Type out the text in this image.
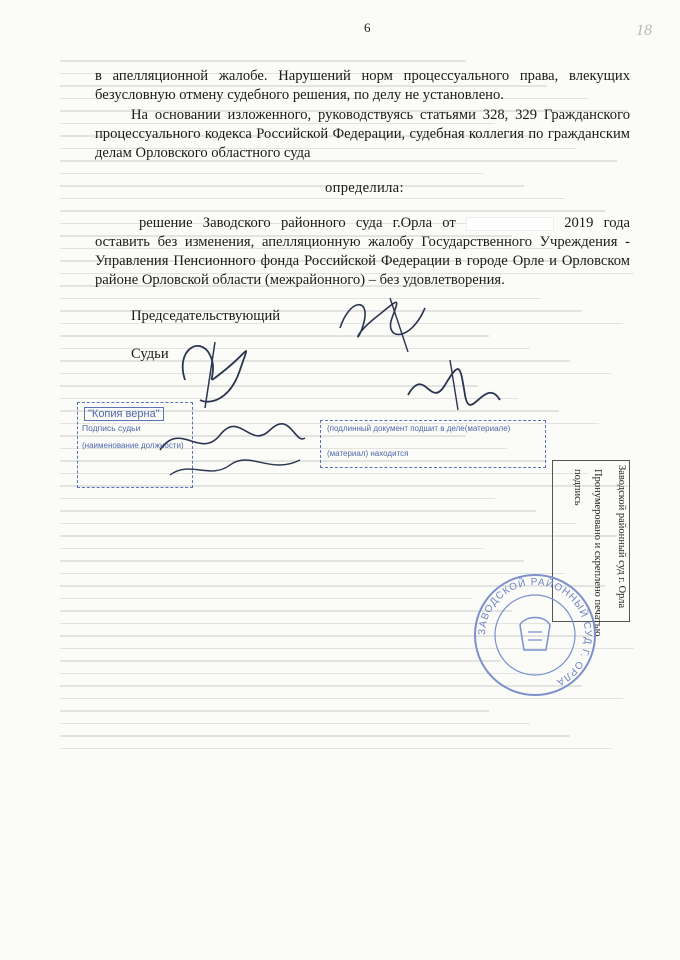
6	18
в апелляционной жалобе. Нарушений норм процессуального права, влекущих безусловную отмену судебного решения, по делу не установлено.
На основании изложенного, руководствуясь статьями 328, 329 Гражданского процессуального кодекса Российской Федерации, судебная коллегия по гражданским делам Орловского областного суда
определила:
решение Заводского районного суда г.Орла от	2019 года оставить без изменения, апелляционную жалобу Государственного Учреждения - Управления Пенсионного фонда Российской Федерации в городе Орле и Орловском районе Орловской области (межрайонного) – без удовлетворения.
Председательствующий
Судьи
"Копия верна"
Подпись судьи
(наименование должности)
(подлинный документ подшит в деле(материале)
(материал) находится
Заводской районный суд г. Орла
Пронумеровано и скреплено печатью
подпись
ЗАВОДСКОЙ РАЙОННЫЙ СУД Г. ОРЛА
